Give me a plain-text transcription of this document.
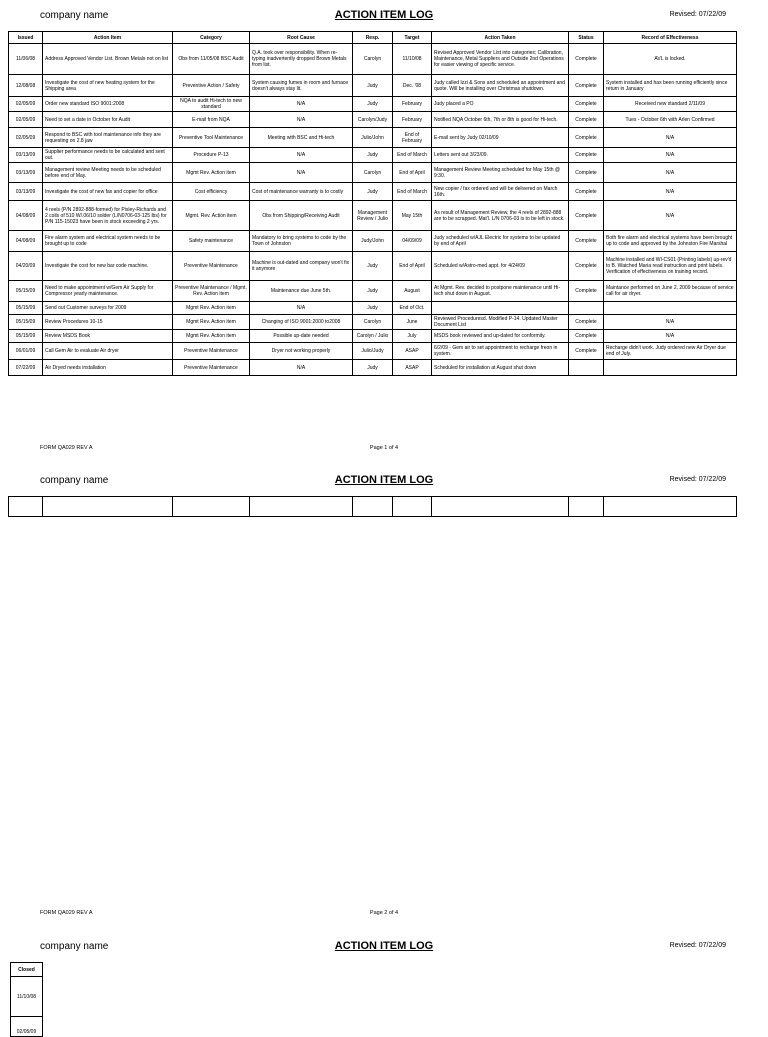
company name	ACTION ITEM LOG	Revised: 07/22/09
Issued	Action Item	Category	Root Cause	Resp.	Target	Action Taken	Status	Record of Effectiveness
11/06/08	Address Approved Vendor List. Brown Metals not on list	Obs from 11/05/08 BSC Audit	Q.A. took over responsibility. When re-typing inadvertently dropped Brown Metals from list.	Carolyn	11/10/08	Revised Approved Vendor List into categories; Calibration, Maintenance, Metal Suppliers and Outside 2nd Operations for easier viewing of specific service.	Complete	AVL is locked.
12/08/08	Investigate the cost of new heating system for the Shipping area	Preventive Action / Safety	System causing fumes in room and furnace doesn't always stay lit.	Judy	Dec. '08	Judy called Izzi & Sons and scheduled an appointment and quote. Will be installing over Christmas shutdown.	Complete	System installed and has been running efficiently since return in January
02/05/09	Order new standard ISO 9001:2008	NQA to audit Hi-tech to new standard	N/A	Judy	February	Judy placed a PO	Complete	Received new standard 2/11/09
02/05/09	Need to set a date in October for Audit	E-mail from NQA	N/A	Carolyn/Judy	February	Notified NQA October 6th, 7th or 8th is good for Hi-tech.	Complete	Tues - October 6th with Arlen Confirmed
02/05/09	Respond to BSC with tool maintenance info they are requesting on 2.8 jaw	Preventive Tool Maintenance	Meeting with BSC and Hi-tech	Julio/John	End of February	E-mail sent by Judy 02/10/09	Complete	N/A
03/13/09	Supplier performance needs to be calculated and sent out.	Procedure P-13	N/A	Judy	End of March	Letters sent out 3/23/09.	Complete	N/A
03/13/09	Management review Meeting needs to be scheduled before end of May.	Mgmt Rev. Action item	N/A	Carolyn	End of April	Management Review Meeting scheduled for May 15th @ 9:30.	Complete	N/A
03/13/09	Investigate the cost of new fax and copier for office	Cost efficiency	Cost of maintenance warranty is to costly	Judy	End of March	New copier / fax ordered and will be delivered on March 16th.	Complete	N/A
04/08/09	4 reels (P/N 2892-888-formed) for Pixley-Richards and 2 coils of 510 W/.06/10 solder (L/N0706-03-125 lbs) for P/N 115-15023 have been in stock exceeding 2 yrs.	Mgmt. Rev. Action item	Obs from Shipping/Receiving Audit	Management Review / Julio	May 15th	As result of Management Review, the 4 reels of 2892-888 are to be scrapped. Mat'l. L/N 0706-03 is to be left in stock.	Complete	N/A
04/08/09	Fire alarm system and electrical system needs to be brought up to code	Safety maintenance	Mandatory to bring systems to code by the Town of Johnston	Judy/John	04/09/09	Judy scheduled w/AJL Electric for systems to be updated by end of April	Complete	Both fire alarm and electrical systems have been brought up to code and approved by the Johnston Fire Marshal
04/20/09	Investigate the cost for new bar code machine.	Preventive Maintenance	Machine is out-dated and company won't fix it anymore	Judy	End of April	Scheduled w/Astro-med appt. for 4/24/09	Complete	Machine installed and WI-CS01 (Printing labels) up-rev'd to B. Watched Maria read instruction and print labels. Verification of effectiveness on training record.
05/15/09	Need to make appointment w/Gem Air Supply for Compressor yearly maintenance.	Preventive Maintenance / Mgmt. Rev. Action item	Maintenance due June 5th.	Judy	August	At Mgmt. Rev. decided to postpone maintenance until Hi-tech shut down in August.	Complete	Maintance performed on June 2, 2009 because of service call for air dryer.
05/15/09	Send out Customer surveys for 2009	Mgmt Rev. Action item	N/A	Judy	End of Oct.			
05/15/09	Review Procedures 10-15	Mgmt Rev. Action item	Changing of ISO 9001:2000 to2008	Carolyn	June	Reviewed Proceduresd. Modified P-14. Updated Master Document List	Complete	N/A
05/15/09	Review MSDS Book	Mgmt Rev. Action item	Possible up-date needed	Carolyn / Julio	July	MSDS book reviewed and up-dated for conformity.	Complete	N/A
06/01/09	Call Gem Air to evaluate Air dryer	Preventive Maintenance	Dryer not working properly	Julio/Judy	ASAP	6/2/09 - Gem air to set appointment to recharge freon in system.	Complete	Recharge didn't work. Judy ordered new Air Dryer due end of July.
07/22/09	Air Dryed needs installation	Preventive Maintenance	N/A	Judy	ASAP	Scheduled for installation at August shut down		
FORM QA029 REV A	Page 1 of 4
company name	ACTION ITEM LOG	Revised: 07/22/09

FORM QA029 REV A	Page 2 of 4
company name	ACTION ITEM LOG	Revised: 07/22/09
Closed
11/10/08
02/05/09
